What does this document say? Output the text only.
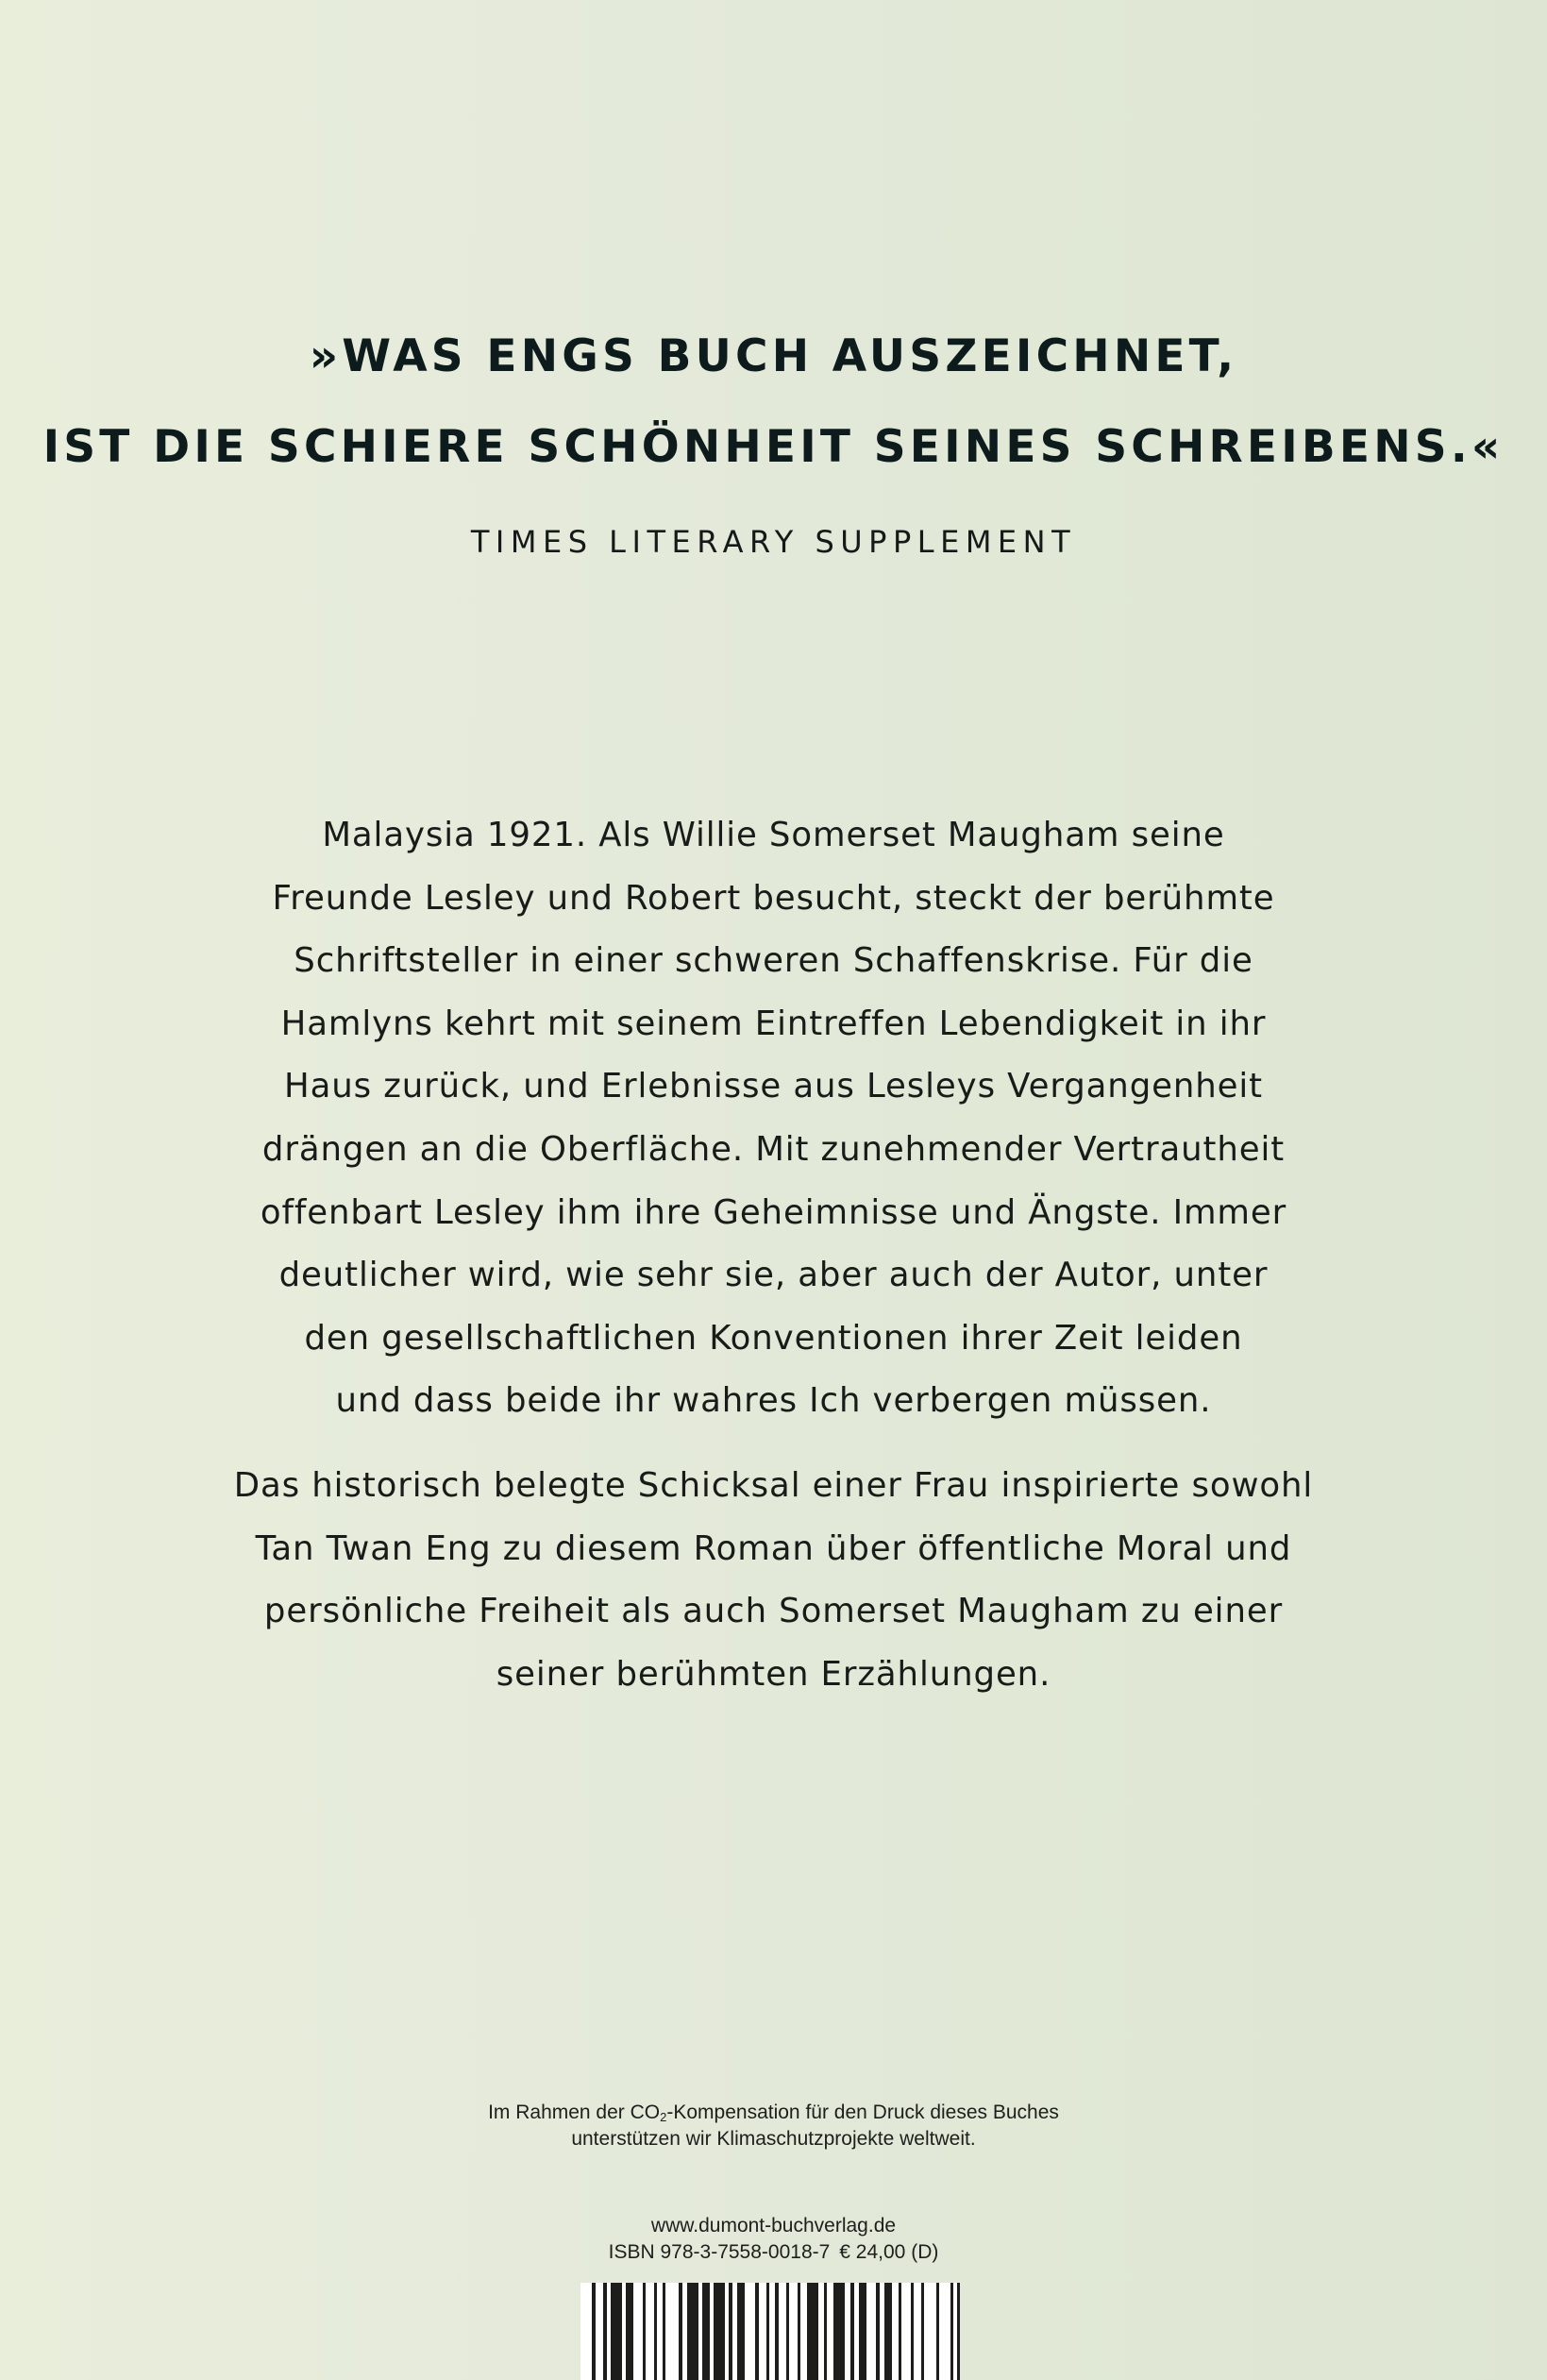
»WAS ENGS BUCH AUSZEICHNET,
IST DIE SCHIERE SCHÖNHEIT SEINES SCHREIBENS.«
TIMES LITERARY SUPPLEMENT
Malaysia 1921. Als Willie Somerset Maugham seine
Freunde Lesley und Robert besucht, steckt der berühmte
Schriftsteller in einer schweren Schaffenskrise. Für die
Hamlyns kehrt mit seinem Eintreffen Lebendigkeit in ihr
Haus zurück, und Erlebnisse aus Lesleys Vergangenheit
drängen an die Oberfläche. Mit zunehmender Vertrautheit
offenbart Lesley ihm ihre Geheimnisse und Ängste. Immer
deutlicher wird, wie sehr sie, aber auch der Autor, unter
den gesellschaftlichen Konventionen ihrer Zeit leiden
und dass beide ihr wahres Ich verbergen müssen.
Das historisch belegte Schicksal einer Frau inspirierte sowohl
Tan Twan Eng zu diesem Roman über öffentliche Moral und
persönliche Freiheit als auch Somerset Maugham zu einer
seiner berühmten Erzählungen.
Im Rahmen der $CO_2$-Kompensation für den Druck dieses Buches
unterstützen wir Klimaschutzprojekte weltweit.
www.dumont-buchverlag.de
ISBN 978-3-7558-0018-7 € 24,00 (D)
